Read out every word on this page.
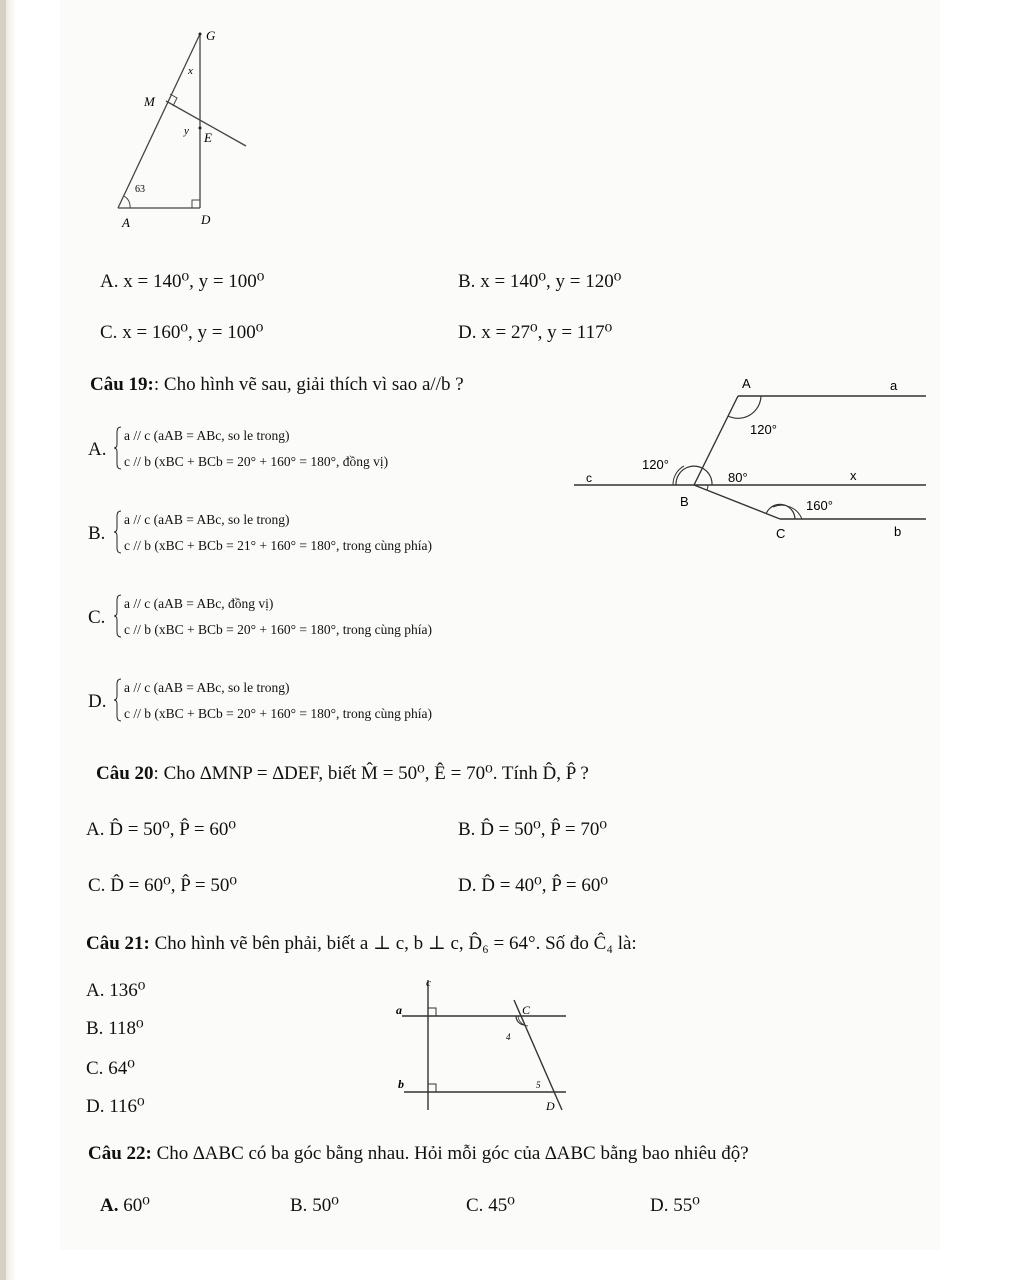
G
M
E
A	D
x
y
63
A. x = 140⁰, y = 100⁰	B. x = 140⁰, y = 120⁰
C. x = 160⁰, y = 100⁰	D. x = 27⁰, y = 117⁰
Câu 19:: Cho hình vẽ sau, giải thích vì sao a//b ?
A.
a // c (aAB = ABc, so le trong)
c // b (xBC + BCb = 20° + 160° = 180°, đồng vị)
B.
a // c (aAB = ABc, so le trong)
c // b (xBC + BCb = 21° + 160° = 180°, trong cùng phía)
C.
a // c (aAB = ABc, đồng vị)
c // b (xBC + BCb = 20° + 160° = 180°, trong cùng phía)
D.
a // c (aAB = ABc, so le trong)
c // b (xBC + BCb = 20° + 160° = 180°, trong cùng phía)
A	a
c
B
x
C	b
120°
120°
80°
160°
Câu 20: Cho ∆MNP = ∆DEF, biết M̂ = 50⁰, Ê = 70⁰. Tính D̂, P̂ ?
A. D̂ = 50⁰, P̂ = 60⁰	B. D̂ = 50⁰, P̂ = 70⁰
C. D̂ = 60⁰, P̂ = 50⁰	D. D̂ = 40⁰, P̂ = 60⁰
Câu 21: Cho hình vẽ bên phải, biết a ⊥ c, b ⊥ c, D̂₆ = 64°. Số đo Ĉ₄ là:
A. 136⁰
B. 118⁰
C. 64⁰
D. 116⁰
c
a
b
C
D
4
5
Câu 22: Cho ∆ABC có ba góc bằng nhau. Hỏi mỗi góc của ∆ABC bằng bao nhiêu độ?
A. 60⁰	B. 50⁰	C. 45⁰	D. 55⁰
